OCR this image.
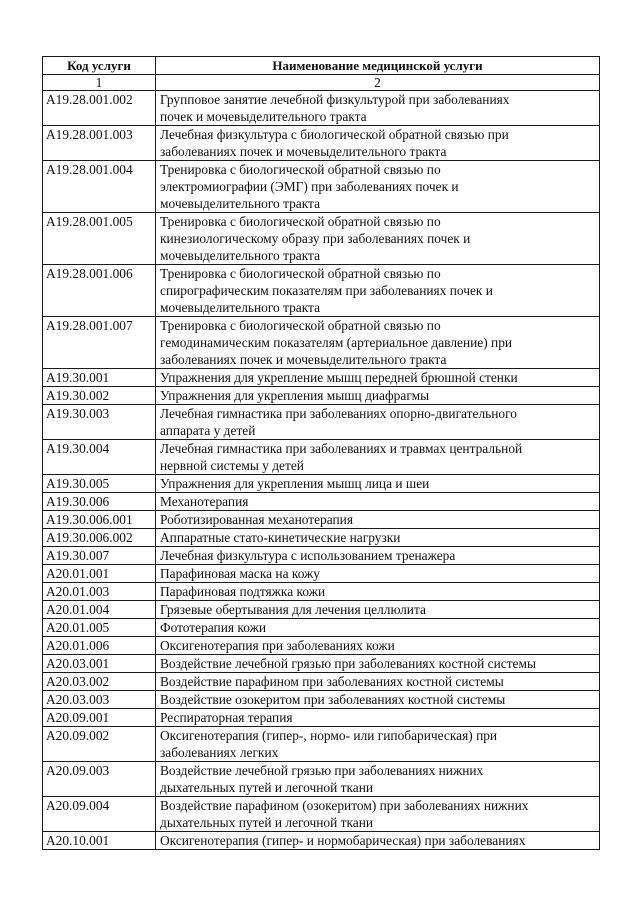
Код услуги	Наименование медицинской услуги
1	2
A19.28.001.002	Групповое занятие лечебной физкультурой при заболеваниях
почек и мочевыделительного тракта

A19.28.001.003	Лечебная физкультура с биологической обратной связью при
заболеваниях почек и мочевыделительного тракта

A19.28.001.004	Тренировка с биологической обратной связью по
электромиографии (ЭМГ) при заболеваниях почек и
мочевыделительного тракта

A19.28.001.005	Тренировка с биологической обратной связью по
кинезиологическому образу при заболеваниях почек и
мочевыделительного тракта

A19.28.001.006	Тренировка с биологической обратной связью по
спирографическим показателям при заболеваниях почек и
мочевыделительного тракта

A19.28.001.007	Тренировка с биологической обратной связью по
гемодинамическим показателям (артериальное давление) при
заболеваниях почек и мочевыделительного тракта

A19.30.001	Упражнения для укрепление мышц передней брюшной стенки

A19.30.002	Упражнения для укрепления мышц диафрагмы

A19.30.003	Лечебная гимнастика при заболеваниях опорно-двигательного
аппарата у детей

A19.30.004	Лечебная гимнастика при заболеваниях и травмах центральной
нервной системы у детей

A19.30.005	Упражнения для укрепления мышц лица и шеи

A19.30.006	Механотерапия

A19.30.006.001	Роботизированная механотерапия

A19.30.006.002	Аппаратные стато-кинетические нагрузки

A19.30.007	Лечебная физкультура с использованием тренажера

A20.01.001	Парафиновая маска на кожу

A20.01.003	Парафиновая подтяжка кожи

A20.01.004	Грязевые обертывания для лечения целлюлита

A20.01.005	Фототерапия кожи

A20.01.006	Оксигенотерапия при заболеваниях кожи

A20.03.001	Воздействие лечебной грязью при заболеваниях костной системы

A20.03.002	Воздействие парафином при заболеваниях костной системы

A20.03.003	Воздействие озокеритом при заболеваниях костной системы

A20.09.001	Респираторная терапия

A20.09.002	Оксигенотерапия (гипер-, нормо- или гипобарическая) при
заболеваниях легких

A20.09.003	Воздействие лечебной грязью при заболеваниях нижних
дыхательных путей и легочной ткани

A20.09.004	Воздействие парафином (озокеритом) при заболеваниях нижних
дыхательных путей и легочной ткани

A20.10.001	Оксигенотерапия (гипер- и нормобарическая) при заболеваниях
